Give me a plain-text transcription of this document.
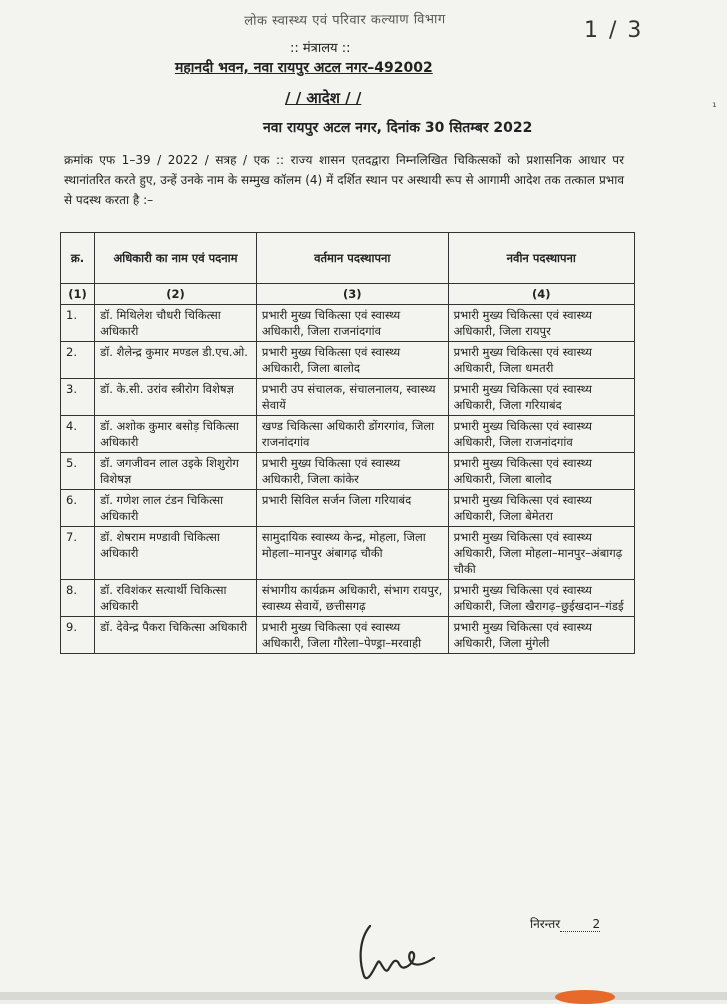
लोक स्वास्थ्य एवं परिवार कल्याण विभाग	1 / 3
:: मंत्रालय ::
महानदी भवन, नवा रायपुर अटल नगर–492002
/ / आदेश / /
नवा रायपुर अटल नगर, दिनांक 30 सितम्बर 2022
¹
क्रमांक एफ 1–39 / 2022 / सत्रह / एक :: राज्य शासन एतदद्वारा निम्नलिखित चिकित्सकों को प्रशासनिक आधार पर स्थानांतरित करते हुए, उन्हें उनके नाम के सम्मुख कॉलम (4) में दर्शित स्थान पर अस्थायी रूप से आगामी आदेश तक तत्काल प्रभाव से पदस्थ करता है :–
क्र.	अधिकारी का नाम एवं पदनाम	वर्तमान पदस्थापना	नवीन पदस्थापना
(1)	(2)	(3)	(4)
1.	डॉ. मिथिलेश चौधरी चिकित्सा अधिकारी	प्रभारी मुख्य चिकित्सा एवं स्वास्थ्य अधिकारी, जिला राजनांदगांव	प्रभारी मुख्य चिकित्सा एवं स्वास्थ्य अधिकारी, जिला रायपुर
2.	डॉ. शैलेन्द्र कुमार मण्डल डी.एच.ओ.	प्रभारी मुख्य चिकित्सा एवं स्वास्थ्य अधिकारी, जिला बालोद	प्रभारी मुख्य चिकित्सा एवं स्वास्थ्य अधिकारी, जिला धमतरी
3.	डॉ. के.सी. उरांव स्त्रीरोग विशेषज्ञ	प्रभारी उप संचालक, संचालनालय, स्वास्थ्य सेवायें	प्रभारी मुख्य चिकित्सा एवं स्वास्थ्य अधिकारी, जिला गरियाबंद
4.	डॉ. अशोक कुमार बसोड़ चिकित्सा अधिकारी	खण्ड चिकित्सा अधिकारी डोंगरगांव, जिला राजनांदगांव	प्रभारी मुख्य चिकित्सा एवं स्वास्थ्य अधिकारी, जिला राजनांदगांव
5.	डॉ. जगजीवन लाल उइके शिशुरोग विशेषज्ञ	प्रभारी मुख्य चिकित्सा एवं स्वास्थ्य अधिकारी, जिला कांकेर	प्रभारी मुख्य चिकित्सा एवं स्वास्थ्य अधिकारी, जिला बालोद
6.	डॉ. गणेश लाल टंडन चिकित्सा अधिकारी	प्रभारी सिविल सर्जन जिला गरियाबंद	प्रभारी मुख्य चिकित्सा एवं स्वास्थ्य अधिकारी, जिला बेमेतरा
7.	डॉ. शेषराम मण्डावी चिकित्सा अधिकारी	सामुदायिक स्वास्थ्य केन्द्र, मोहला, जिला मोहला–मानपुर अंबागढ़ चौकी	प्रभारी मुख्य चिकित्सा एवं स्वास्थ्य अधिकारी, जिला मोहला–मानपुर–अंबागढ़ चौकी
8.	डॉ. रविशंकर सत्यार्थी चिकित्सा अधिकारी	संभागीय कार्यक्रम अधिकारी, संभाग रायपुर, स्वास्थ्य सेवायें, छत्तीसगढ़	प्रभारी मुख्य चिकित्सा एवं स्वास्थ्य अधिकारी, जिला खैरागढ़–छुईखदान–गंडई
9.	डॉ. देवेन्द्र पैकरा चिकित्सा अधिकारी	प्रभारी मुख्य चिकित्सा एवं स्वास्थ्य अधिकारी, जिला गौरेला–पेण्ड्रा–मरवाही	प्रभारी मुख्य चिकित्सा एवं स्वास्थ्य अधिकारी, जिला मुंगेली
निरन्तर	2
